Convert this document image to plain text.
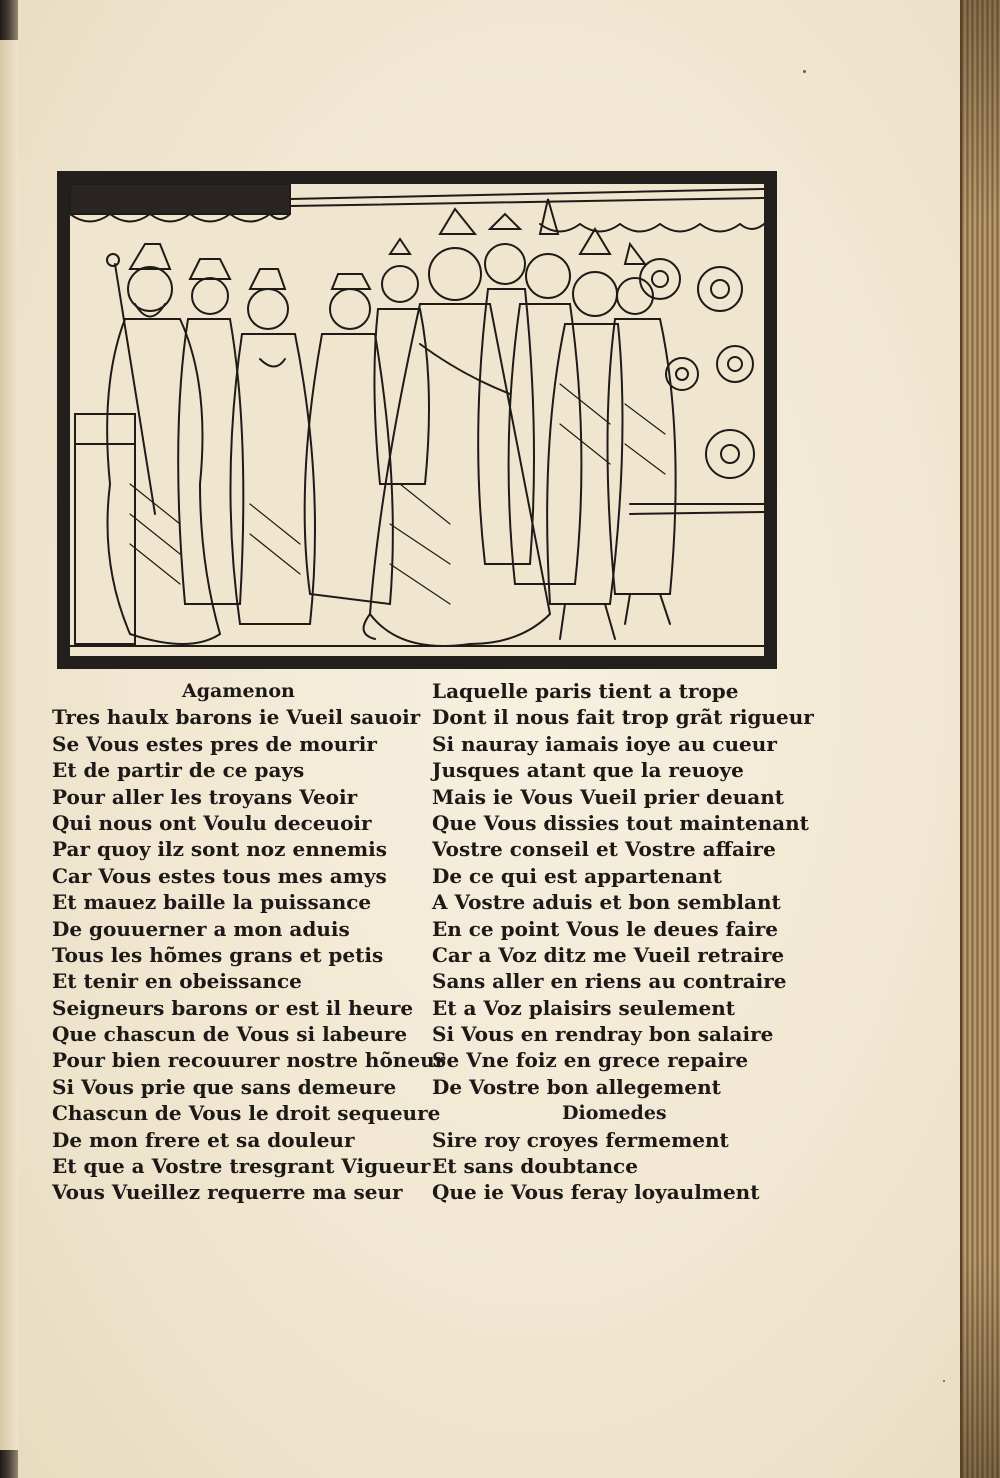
Agamenon
Tres haulx barons ie Vueil sauoir
Se Vous estes pres de mourir
Et de partir de ce pays
Pour aller les troyans Veoir
Qui nous ont Voulu deceuoir
Par quoy ilz sont noz ennemis
Car Vous estes tous mes amys
Et mauez baille la puissance
De gouuerner a mon aduis
Tous les hõmes grans et petis
Et tenir en obeissance
Seigneurs barons or est il heure
Que chascun de Vous si labeure
Pour bien recouurer nostre hõneur
Si Vous prie que sans demeure
Chascun de Vous le droit sequeure
De mon frere et sa douleur
Et que a Vostre tresgrant Vigueur
Vous Vueillez requerre ma seur
Laquelle paris tient a trope
Dont il nous fait trop grãt rigueur
Si nauray iamais ioye au cueur
Jusques atant que la reuoye
Mais ie Vous Vueil prier deuant
Que Vous dissies tout maintenant
Vostre conseil et Vostre affaire
De ce qui est appartenant
A Vostre aduis et bon semblant
En ce point Vous le deues faire
Car a Voz ditz me Vueil retraire
Sans aller en riens au contraire
Et a Voz plaisirs seulement
Si Vous en rendray bon salaire
Se Vne foiz en grece repaire
De Vostre bon allegement
Diomedes
Sire roy croyes fermement
Et sans doubtance
Que ie Vous feray loyaulment
